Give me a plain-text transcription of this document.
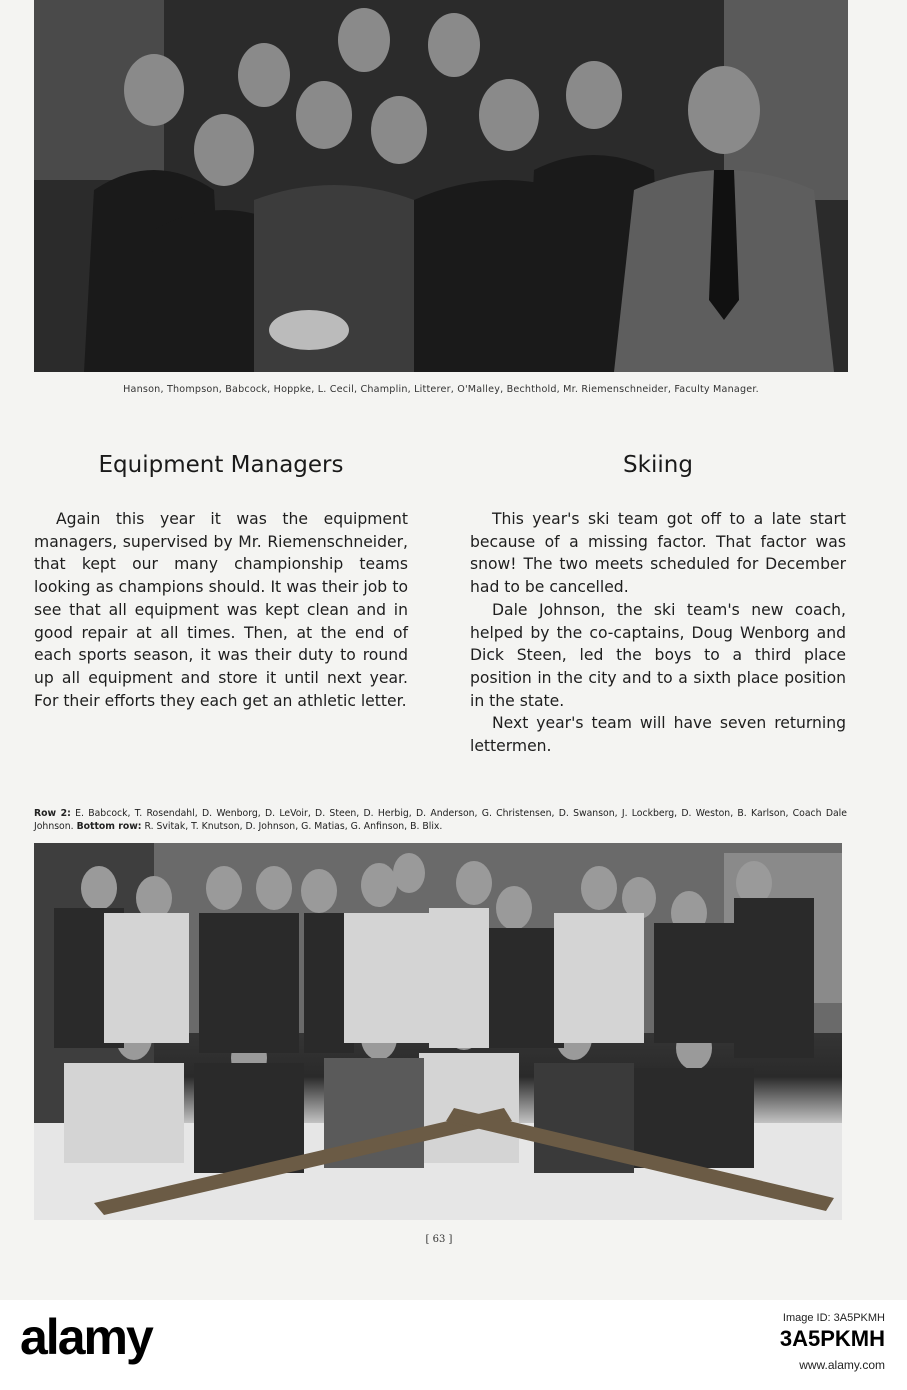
Hanson, Thompson, Babcock, Hoppke, L. Cecil, Champlin, Litterer, O'Malley, Bechthold, Mr. Riemenschneider, Faculty Manager.
Equipment Managers	Skiing

Again this year it was the equipment managers, supervised by Mr. Riemenschneider, that kept our many championship teams looking as champions should. It was their job to see that all equipment was kept clean and in good repair at all times. Then, at the end of each sports season, it was their duty to round up all equipment and store it until next year. For their efforts they each get an athletic letter.

This year's ski team got off to a late start because of a missing factor. That factor was snow! The two meets scheduled for December had to be cancelled.

Dale Johnson, the ski team's new coach, helped by the co-captains, Doug Wenborg and Dick Steen, led the boys to a third place position in the city and to a sixth place position in the state.

Next year's team will have seven returning lettermen.

Row 2: E. Babcock, T. Rosendahl, D. Wenborg, D. LeVoir, D. Steen, D. Herbig, D. Anderson, G. Christensen, D. Swanson, J. Lockberg, D. Weston, B. Karlson, Coach Dale Johnson. Bottom row: R. Svitak, T. Knutson, D. Johnson, G. Matias, G. Anfinson, B. Blix.
[ 63 ]
alamy	Image ID: 3A5PKMH
3A5PKMH
www.alamy.com
